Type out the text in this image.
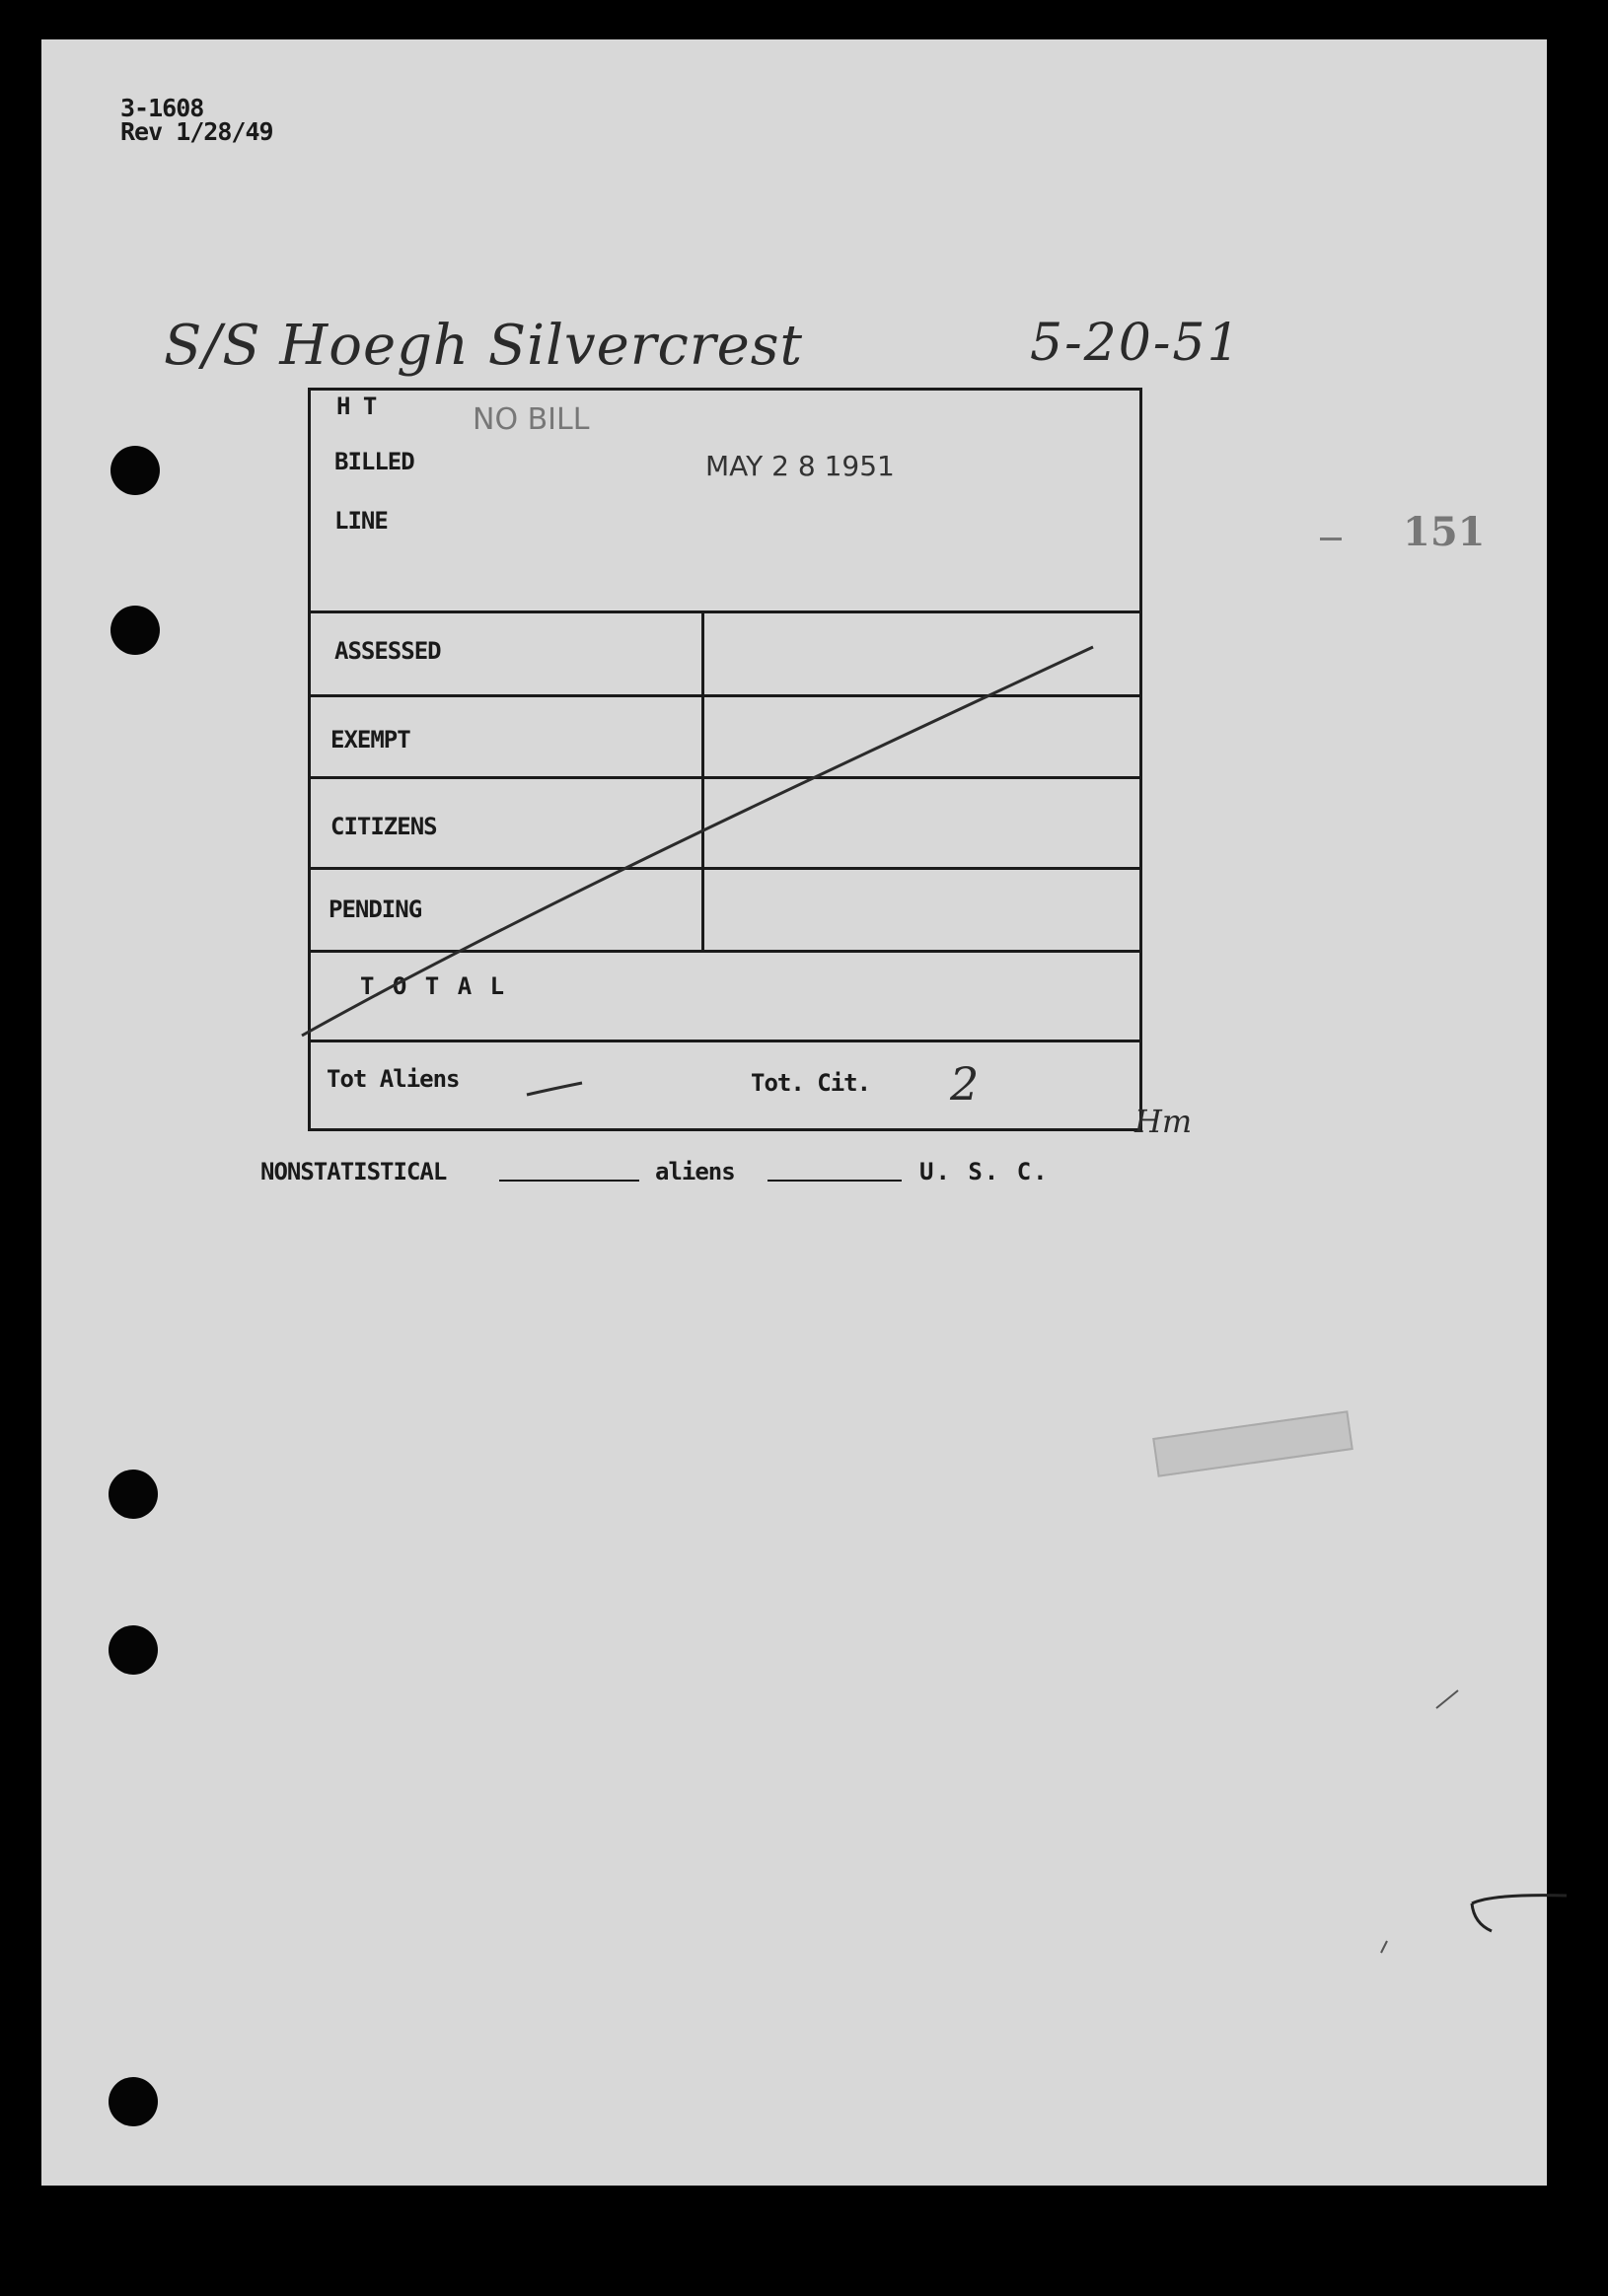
3-1608
Rev 1/28/49
S/S Hoegh Silvercrest	5-20-51
151
H T	NO BILL
BILLED	MAY 2 8 1951
LINE
ASSESSED
EXEMPT
CITIZENS
PENDING
T O T A L
Tot Aliens	Tot. Cit. 2
Hm
NONSTATISTICAL	aliens	U. S. C.
